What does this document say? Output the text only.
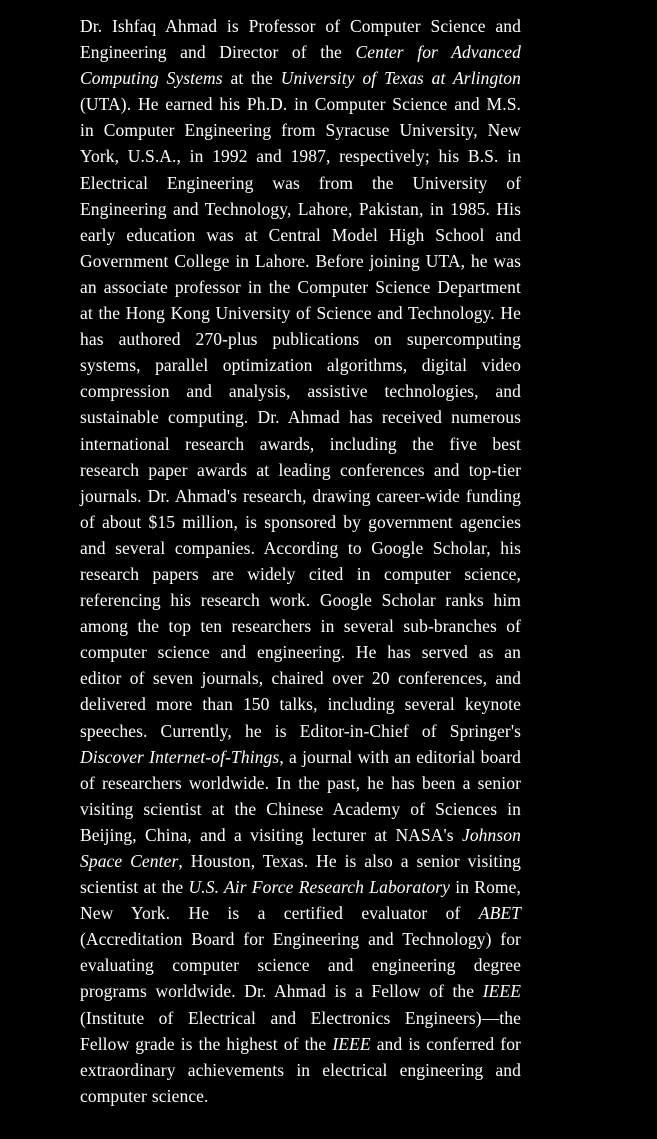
Dr. Ishfaq Ahmad is Professor of Computer Science and Engineering and Director of the Center for Advanced Computing Systems at the University of Texas at Arlington (UTA). He earned his Ph.D. in Computer Science and M.S. in Computer Engineering from Syracuse University, New York, U.S.A., in 1992 and 1987, respectively; his B.S. in Electrical Engineering was from the University of Engineering and Technology, Lahore, Pakistan, in 1985. His early education was at Central Model High School and Government College in Lahore. Before joining UTA, he was an associate professor in the Computer Science Department at the Hong Kong University of Science and Technology. He has authored 270-plus publications on supercomputing systems, parallel optimization algorithms, digital video compression and analysis, assistive technologies, and sustainable computing. Dr. Ahmad has received numerous international research awards, including the five best research paper awards at leading conferences and top-tier journals. Dr. Ahmad's research, drawing career-wide funding of about $15 million, is sponsored by government agencies and several companies. According to Google Scholar, his research papers are widely cited in computer science, referencing his research work. Google Scholar ranks him among the top ten researchers in several sub-branches of computer science and engineering. He has served as an editor of seven journals, chaired over 20 conferences, and delivered more than 150 talks, including several keynote speeches. Currently, he is Editor-in-Chief of Springer's Discover Internet-of-Things, a journal with an editorial board of researchers worldwide. In the past, he has been a senior visiting scientist at the Chinese Academy of Sciences in Beijing, China, and a visiting lecturer at NASA's Johnson Space Center, Houston, Texas. He is also a senior visiting scientist at the U.S. Air Force Research Laboratory in Rome, New York. He is a certified evaluator of ABET (Accreditation Board for Engineering and Technology) for evaluating computer science and engineering degree programs worldwide. Dr. Ahmad is a Fellow of the IEEE (Institute of Electrical and Electronics Engineers)—the Fellow grade is the highest of the IEEE and is conferred for extraordinary achievements in electrical engineering and computer science.
